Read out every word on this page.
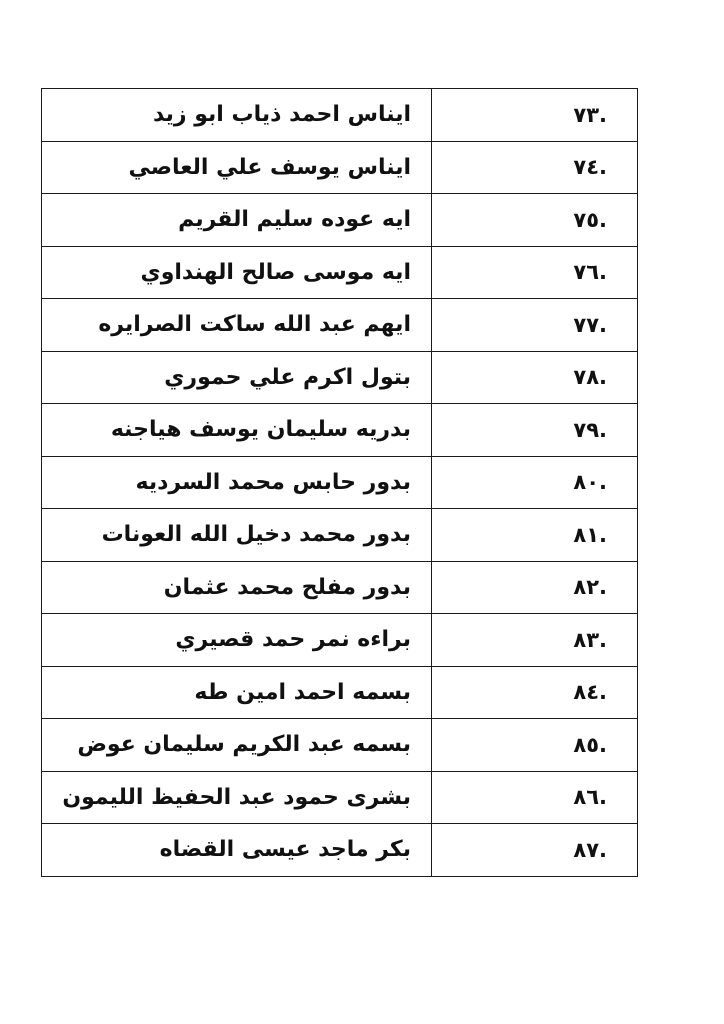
.٧٣	ايناس احمد ذياب ابو زيد
.٧٤	ايناس يوسف علي العاصي
.٧٥	ايه عوده سليم القريم
.٧٦	ايه موسى صالح الهنداوي
.٧٧	ايهم عبد الله ساكت الصرايره
.٧٨	بتول اكرم علي حموري
.٧٩	بدريه سليمان يوسف هياجنه
.٨٠	بدور حابس محمد السرديه
.٨١	بدور محمد دخيل الله العونات
.٨٢	بدور مفلح محمد عثمان
.٨٣	براءه نمر حمد قصيري
.٨٤	بسمه احمد امين طه
.٨٥	بسمه عبد الكريم سليمان عوض
.٨٦	بشرى حمود عبد الحفيظ الليمون
.٨٧	بكر ماجد عيسى القضاه
